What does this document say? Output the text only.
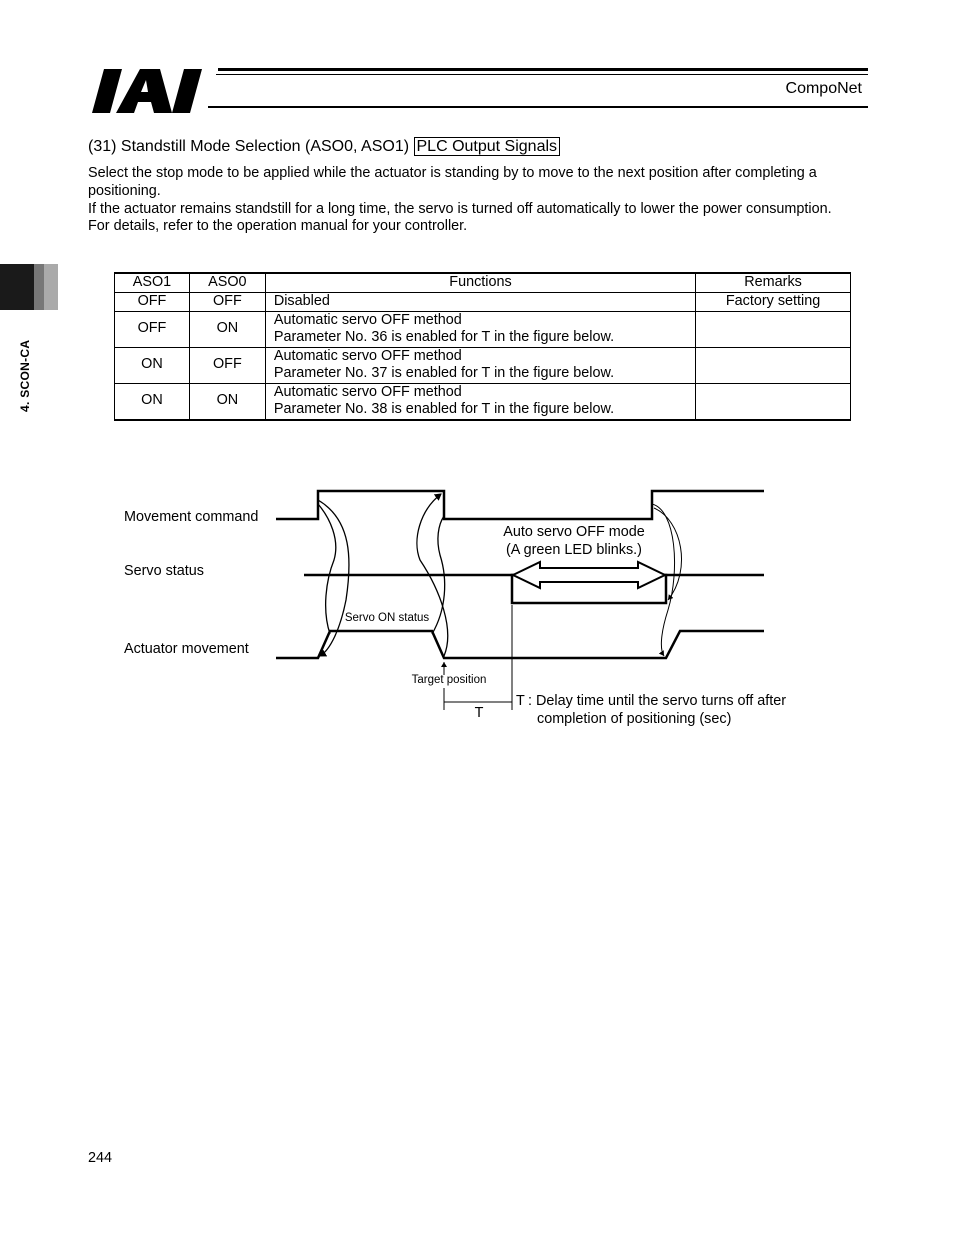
CompoNet
4. SCON-CA
(31) Standstill Mode Selection (ASO0, ASO1) PLC Output Signals

Select the stop mode to be applied while the actuator is standing by to move to the next position after completing a positioning.

If the actuator remains standstill for a long time, the servo is turned off automatically to lower the power consumption.

For details, refer to the operation manual for your controller.

ASO1	ASO0	Functions	Remarks
OFF	OFF	Disabled	Factory setting
OFF	ON	Automatic servo OFF method
Parameter No. 36 is enabled for T in the figure below.	

ON	OFF	Automatic servo OFF method
Parameter No. 37 is enabled for T in the figure below.	

ON	ON	Automatic servo OFF method
Parameter No. 38 is enabled for T in the figure below.	

Movement command
Servo status
Actuator movement
Auto servo OFF mode
(A green LED blinks.)
Servo ON status
Target position
T
T : Delay time until the servo turns off after
completion of positioning (sec)
244
